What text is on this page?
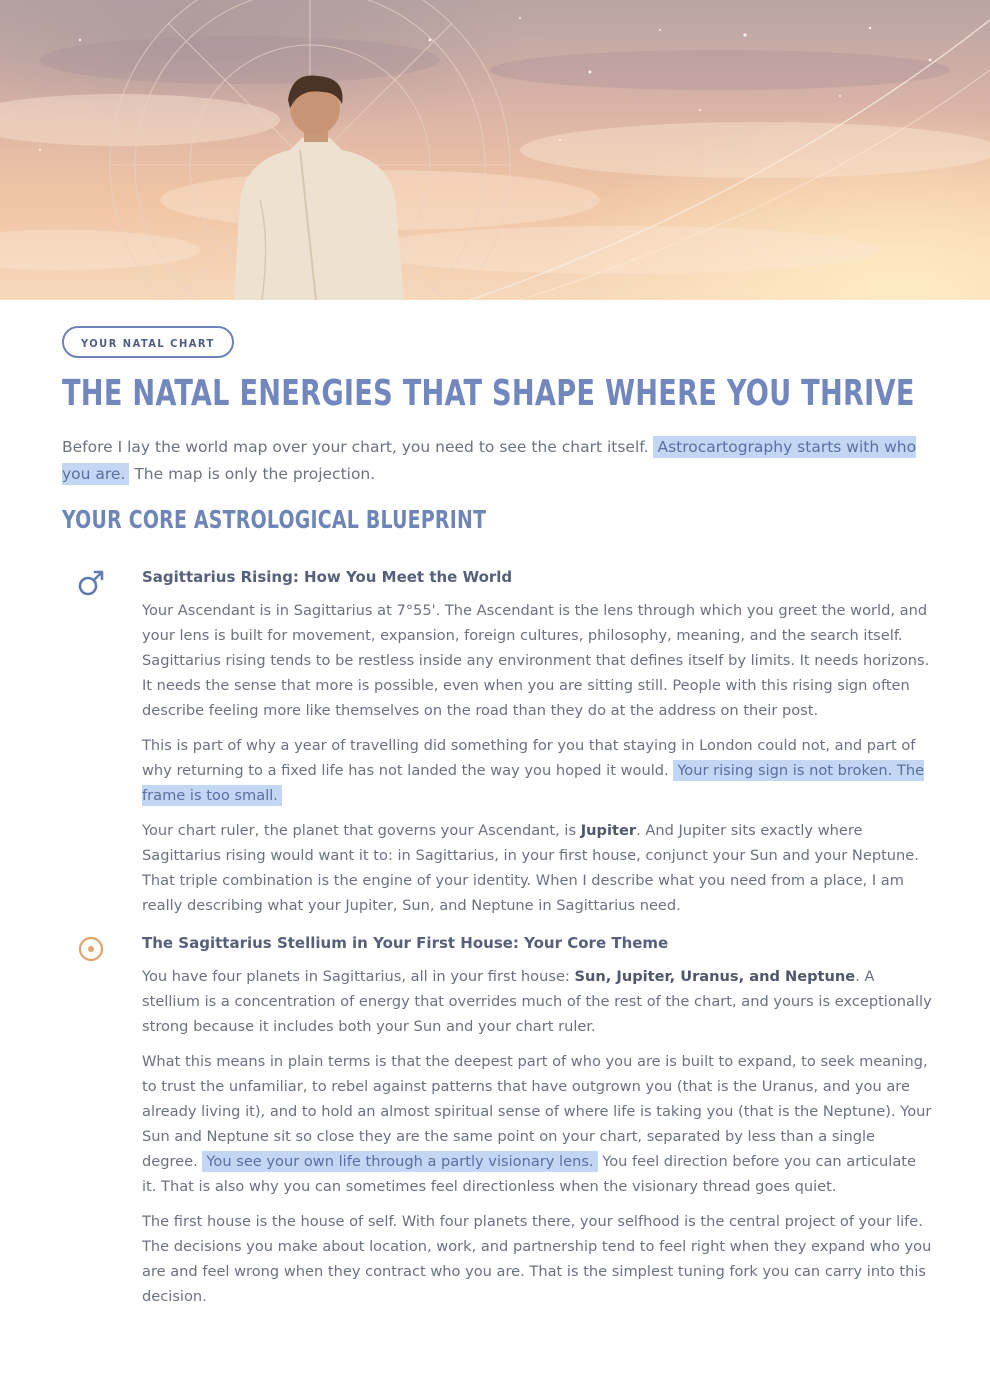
YOUR NATAL CHART
THE NATAL ENERGIES THAT SHAPE WHERE YOU THRIVE
Before I lay the world map over your chart, you need to see the chart itself. Astrocartography starts with who you are. The map is only the projection.
YOUR CORE ASTROLOGICAL BLUEPRINT

Sagittarius Rising: How You Meet the World

Your Ascendant is in Sagittarius at 7°55'. The Ascendant is the lens through which you greet the world, and your lens is built for movement, expansion, foreign cultures, philosophy, meaning, and the search itself. Sagittarius rising tends to be restless inside any environment that defines itself by limits. It needs horizons. It needs the sense that more is possible, even when you are sitting still. People with this rising sign often describe feeling more like themselves on the road than they do at the address on their post.

This is part of why a year of travelling did something for you that staying in London could not, and part of why returning to a fixed life has not landed the way you hoped it would. Your rising sign is not broken. The frame is too small.

Your chart ruler, the planet that governs your Ascendant, is Jupiter. And Jupiter sits exactly where Sagittarius rising would want it to: in Sagittarius, in your first house, conjunct your Sun and your Neptune. That triple combination is the engine of your identity. When I describe what you need from a place, I am really describing what your Jupiter, Sun, and Neptune in Sagittarius need.

The Sagittarius Stellium in Your First House: Your Core Theme

You have four planets in Sagittarius, all in your first house: Sun, Jupiter, Uranus, and Neptune. A stellium is a concentration of energy that overrides much of the rest of the chart, and yours is exceptionally strong because it includes both your Sun and your chart ruler.

What this means in plain terms is that the deepest part of who you are is built to expand, to seek meaning, to trust the unfamiliar, to rebel against patterns that have outgrown you (that is the Uranus, and you are already living it), and to hold an almost spiritual sense of where life is taking you (that is the Neptune). Your Sun and Neptune sit so close they are the same point on your chart, separated by less than a single degree. You see your own life through a partly visionary lens. You feel direction before you can articulate it. That is also why you can sometimes feel directionless when the visionary thread goes quiet.

The first house is the house of self. With four planets there, your selfhood is the central project of your life. The decisions you make about location, work, and partnership tend to feel right when they expand who you are and feel wrong when they contract who you are. That is the simplest tuning fork you can carry into this decision.
